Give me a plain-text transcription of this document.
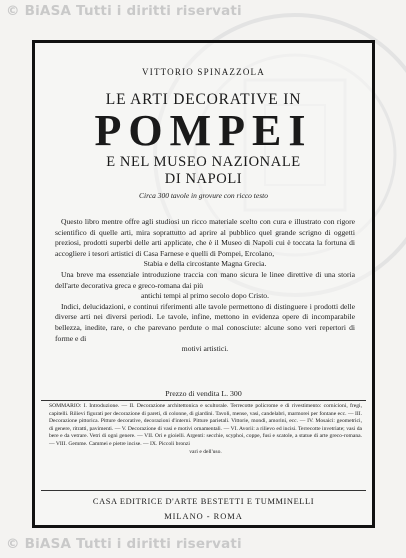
© BiASA Tutti i diritti riservati
VITTORIO SPINAZZOLA
LE ARTI DECORATIVE IN
POMPEI
E NEL MUSEO NAZIONALE
DI NAPOLI
Circa 300 tavole in grovure con ricco testo

Questo libro mentre offre agli studiosi un ricco materiale scelto con cura e illustrato con rigore scientifico di quelle arti, mira soprattutto ad aprire al pubblico quel grande scrigno di oggetti preziosi, prodotti superbi delle arti applicate, che è il Museo di Napoli cui è toccata la fortuna di accogliere i tesori artistici di Casa Farnese e quelli di Pompei, Ercolano,

Stabia e della circostante Magna Grecia.

Una breve ma essenziale introduzione traccia con mano sicura le linee direttive di una storia dell'arte decorativa greca e greco-romana dai più

antichi tempi al primo secolo dopo Cristo.

Indici, delucidazioni, e continui riferimenti alle tavole permettono di distinguere i prodotti delle diverse arti nei diversi periodi. Le tavole, infine, mettono in evidenza opere di incomparabile bellezza, inedite, rare, o che parevano perdute o mal conosciute: alcune sono veri repertori di forme e di

motivi artistici.

Prezzo di vendita L. 300
SOMMARIO: I. Introduzione. — II. Decorazione architettonica e scultorale. Terrecotte policrome e di rivestimento: cornicioni, fregi, capitelli. Rilievi figurati per decorazione di pareti, di colonne, di giardini. Tavoli, mense, vasi, candelabri, marmorei per fontane ecc. — III. Decorazione pittorica. Pitture decorative, decorazioni d'interni. Pitture parietali. Vittorie, mondi, amorini, ecc. — IV. Mosaici: geometrici, di genere, ritratti, pavimenti. — V. Decorazione di vasi e motivi ornamentali. — VI. Avorii: a rilievo ed incisi. Terrecotte invetriate; vasi da bere e da vetrare. Vetri di ogni genere. — VII. Ori e gioielli. Argenti: secchie, scyphoi, coppe, fusi e scatole, a statue di arte greco-romana. — VIII. Gemme. Cammei e pietre incise. — IX. Piccoli bronzi
vari e dell'uso.
CASA EDITRICE D'ARTE BESTETTI E TUMMINELLI
MILANO - ROMA
© BiASA Tutti i diritti riservati
